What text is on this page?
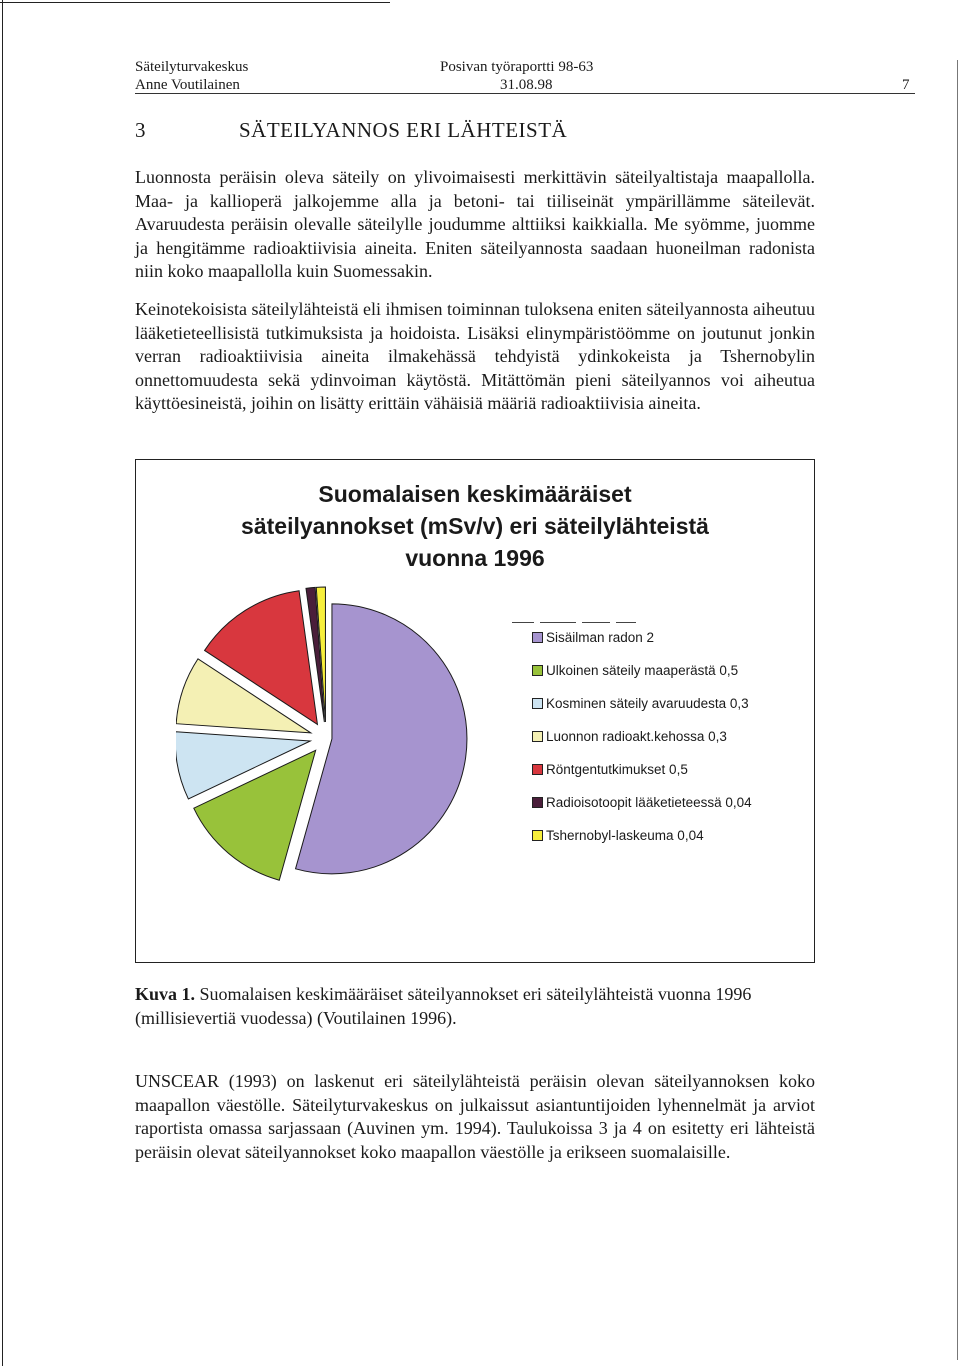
Säteilyturvakeskus
Anne Voutilainen
Posivan työraportti 98-63
31.08.98	7
3	SÄTEILYANNOS ERI LÄHTEISTÄ

Luonnosta peräisin oleva säteily on ylivoimaisesti merkittävin säteilyaltistaja maapallolla. Maa- ja kallioperä jalkojemme alla ja betoni- tai tiiliseinät ympärillämme säteilevät. Avaruudesta peräisin olevalle säteilylle joudumme alttiiksi kaikkialla. Me syömme, juomme ja hengitämme radioaktiivisia aineita. Eniten säteilyannosta saadaan huoneilman radonista niin koko maapallolla kuin Suomessakin.

Keinotekoisista säteilylähteistä eli ihmisen toiminnan tuloksena eniten säteilyannosta aiheutuu lääketieteellisistä tutkimuksista ja hoidoista. Lisäksi elinympäristöömme on joutunut jonkin verran radioaktiivisia aineita ilmakehässä tehdyistä ydinkokeista ja Tshernobylin onnettomuudesta sekä ydinvoiman käytöstä. Mitättömän pieni säteilyannos voi aiheutua käyttöesineistä, joihin on lisätty erittäin vähäisiä määriä radioaktiivisia aineita.

Suomalaisen keskimääräiset
säteilyannokset (mSv/v) eri säteilylähteistä
vuonna 1996
Sisäilman radon 2
Ulkoinen säteily maaperästä 0,5
Kosminen säteily avaruudesta 0,3
Luonnon radioakt.kehossa 0,3
Röntgentutkimukset 0,5
Radioisotoopit lääketieteessä 0,04
Tshernobyl-laskeuma 0,04

Kuva 1. Suomalaisen keskimääräiset säteilyannokset eri säteilylähteistä vuonna 1996 (millisievertiä vuodessa) (Voutilainen 1996).

UNSCEAR (1993) on laskenut eri säteilylähteistä peräisin olevan säteilyannoksen koko maapallon väestölle. Säteilyturvakeskus on julkaissut asiantuntijoiden lyhennelmät ja arviot raportista omassa sarjassaan (Auvinen ym. 1994). Taulukoissa 3 ja 4 on esitetty eri lähteistä peräisin olevat säteilyannokset koko maapallon väestölle ja erikseen suomalaisille.
